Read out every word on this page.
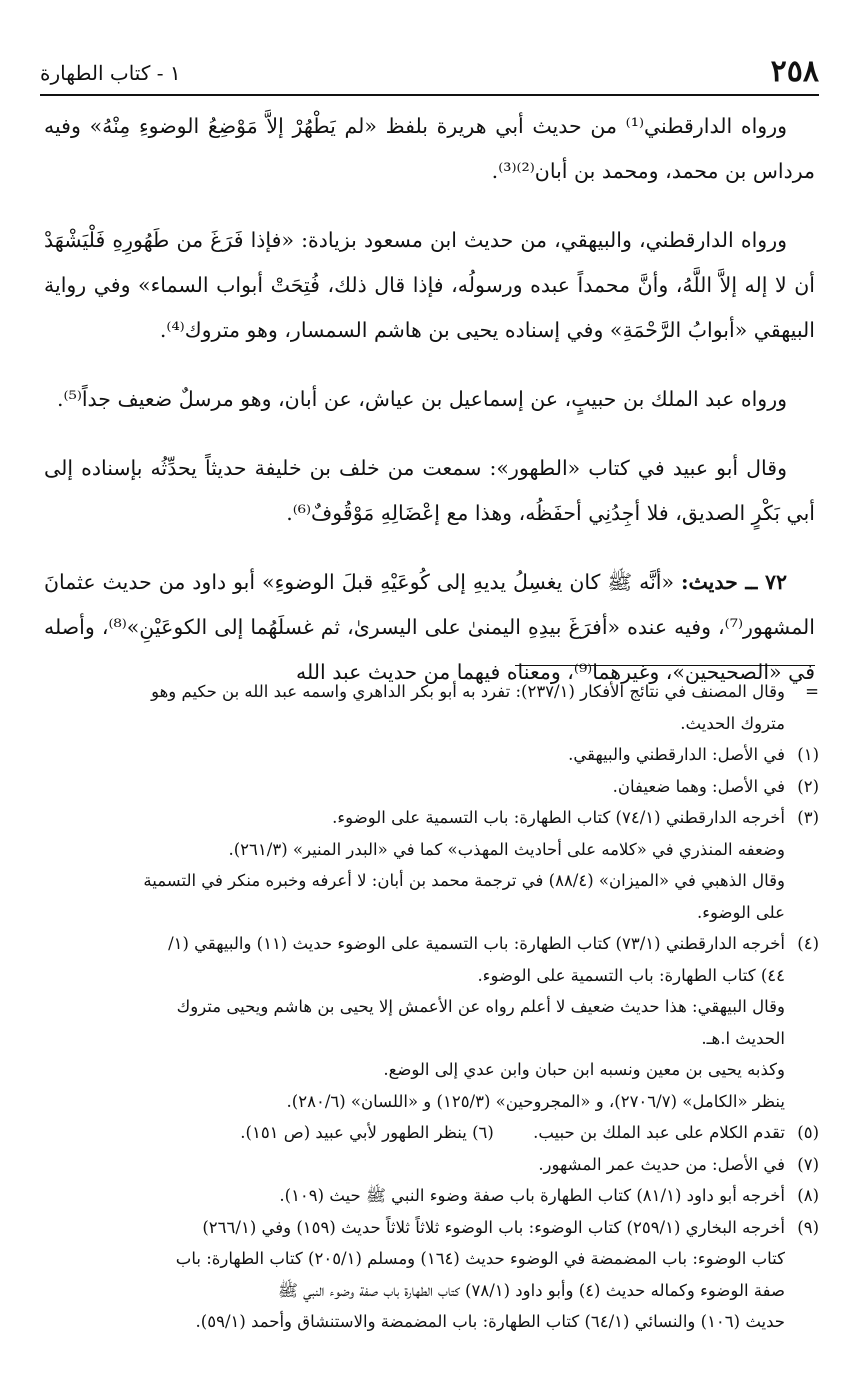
٢٥٨
١ - كتاب الطهارة

ورواه الدارقطني⁽¹⁾ من حديث أبي هريرة بلفظ «لم يَطْهُرْ إلاَّ مَوْضِعُ الوضوءِ مِنْهُ» وفيه مرداس بن محمد، ومحمد بن أبان⁽²⁾⁽³⁾.

ورواه الدارقطني، والبيهقي، من حديث ابن مسعود بزيادة: «فإذا فَرَغَ من طَهُورِهِ فَلْيَشْهَدْ أن لا إله إلاَّ اللَّهُ، وأنَّ محمداً عبده ورسولُه، فإذا قال ذلك، فُتِحَتْ أبواب السماء» وفي رواية البيهقي «أبوابُ الرَّحْمَةِ» وفي إسناده يحيى بن هاشم السمسار، وهو متروك⁽⁴⁾.

ورواه عبد الملك بن حبيبٍ، عن إسماعيل بن عياش، عن أبان، وهو مرسلٌ ضعيف جداً⁽⁵⁾.

وقال أبو عبيد في كتاب «الطهور»: سمعت من خلف بن خليفة حديثاً يحدِّثُه بإسناده إلى أبي بَكْرٍ الصديق، فلا أجِدُنِي أحفَظُه، وهذا مع إعْضَالِهِ مَوْقُوفٌ⁽⁶⁾.

٧٢ ــ حديث: «أنَّه ﷺ كان يغسِلُ يديهِ إلى كُوعَيْهِ قبلَ الوضوءِ» أبو داود من حديث عثمانَ المشهور⁽⁷⁾، وفيه عنده «أفرَغَ بيدِهِ اليمنىٰ على اليسرىٰ، ثم غسلَهُما إلى الكوعَيْنِ»⁽⁸⁾، وأصله في «الصحيحين»، وغيرهما⁽⁹⁾، ومعناه فيهما من حديث عبد الله

=
وقال المصنف في نتائج الأفكار (٢٣٧/١): تفرد به أبو بكر الداهري واسمه عبد الله بن حكيم وهو
متروك الحديث.
(١)
في الأصل: الدارقطني والبيهقي.
(٢)
في الأصل: وهما ضعيفان.
(٣)
أخرجه الدارقطني (٧٤/١) كتاب الطهارة: باب التسمية على الوضوء.
وضعفه المنذري في «كلامه على أحاديث المهذب» كما في «البدر المنير» (٢٦١/٣).
وقال الذهبي في «الميزان» (٨٨/٤) في ترجمة محمد بن أبان: لا أعرفه وخبره منكر في التسمية
على الوضوء.
(٤)
أخرجه الدارقطني (٧٣/١) كتاب الطهارة: باب التسمية على الوضوء حديث (١١) والبيهقي (١/
٤٤) كتاب الطهارة: باب التسمية على الوضوء.
وقال البيهقي: هذا حديث ضعيف لا أعلم رواه عن الأعمش إلا يحيى بن هاشم ويحيى متروك
الحديث ا.هـ.
وكذبه يحيى بن معين ونسبه ابن حبان وابن عدي إلى الوضع.
ينظر «الكامل» (٢٧٠٦/٧)، و «المجروحين» (١٢٥/٣) و «اللسان» (٢٨٠/٦).
(٥)
تقدم الكلام على عبد الملك بن حبيب. (٦) ينظر الطهور لأبي عبيد (ص ١٥١).
(٧)
في الأصل: من حديث عمر المشهور.
(٨)
أخرجه أبو داود (٨١/١) كتاب الطهارة باب صفة وضوء النبي ﷺ حيث (١٠٩).
(٩)
أخرجه البخاري (٢٥٩/١) كتاب الوضوء: باب الوضوء ثلاثاً ثلاثاً حديث (١٥٩) وفي (٢٦٦/١)
كتاب الوضوء: باب المضمضة في الوضوء حديث (١٦٤) ومسلم (٢٠٥/١) كتاب الطهارة: باب
صفة الوضوء وكماله حديث (٤) وأبو داود (٧٨/١) كتاب الطهارة باب صفة وضوء النبي ﷺ
حديث (١٠٦) والنسائي (٦٤/١) كتاب الطهارة: باب المضمضة والاستنشاق وأحمد (٥٩/١).
